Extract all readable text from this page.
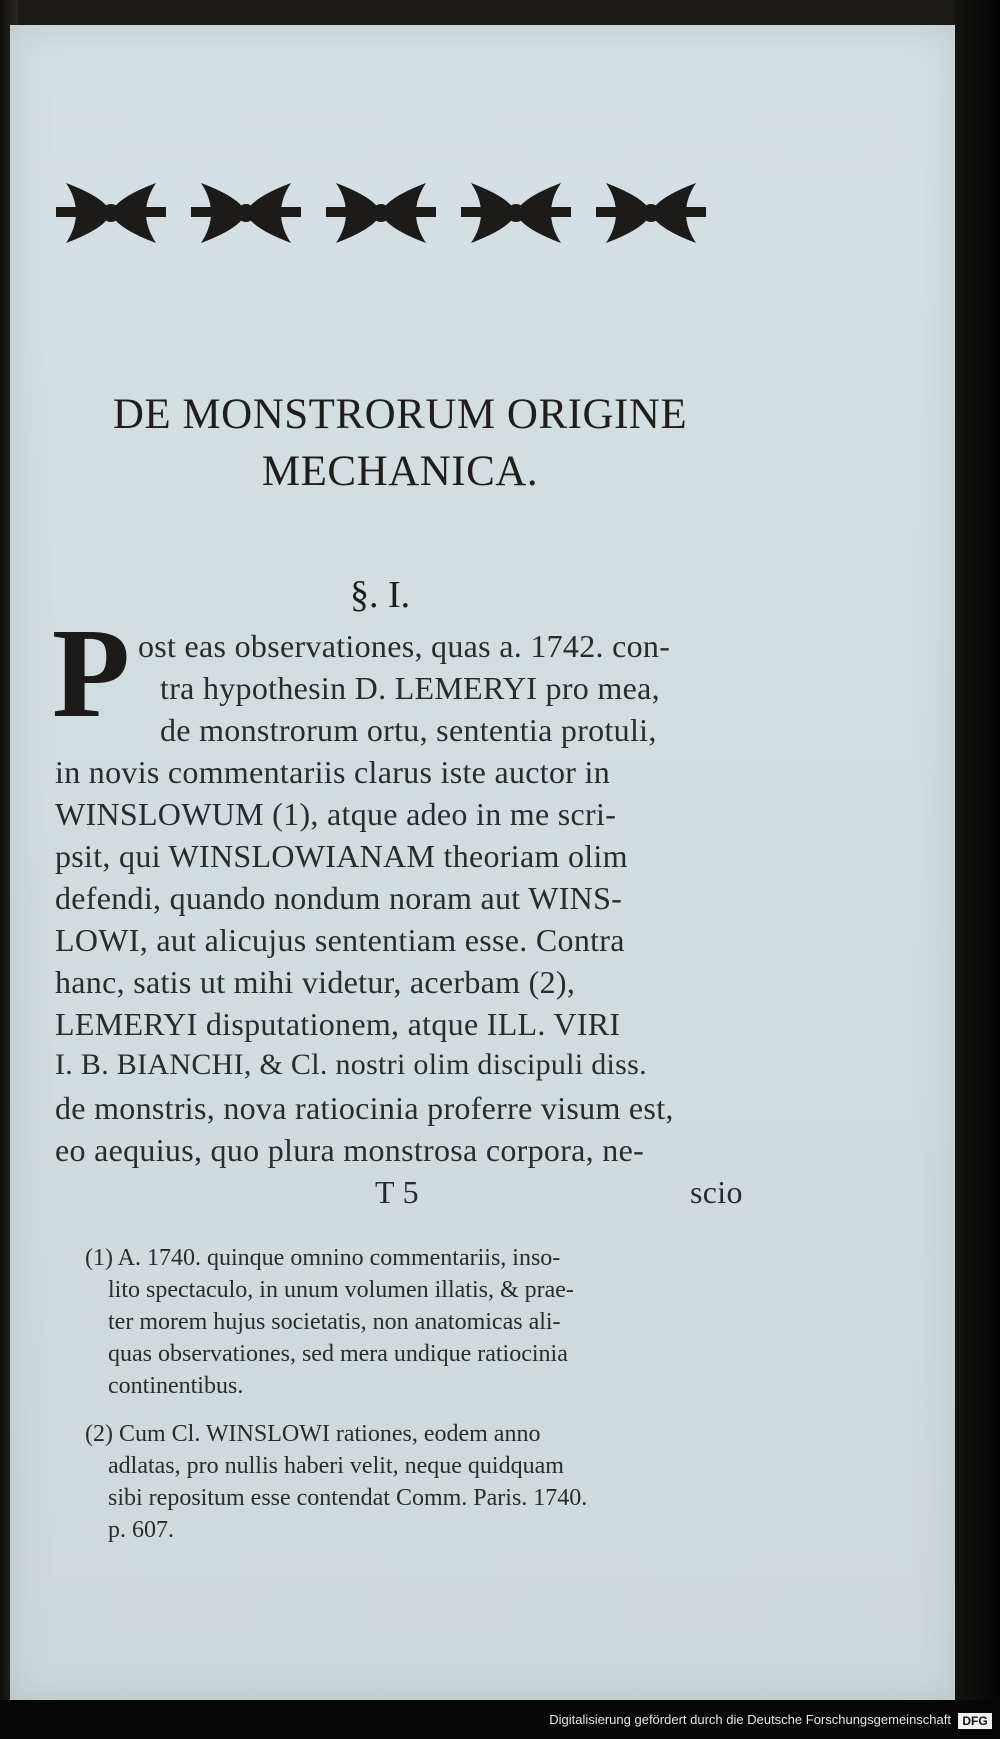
DE MONSTRORUM ORIGINE
MECHANICA.
§. I.
P ost eas observationes, quas a. 1742. con-
tra hypothesin D. LEMERYI pro mea,
de monstrorum ortu, sententia protuli,
in novis commentariis clarus iste auctor in
WINSLOWUM (1), atque adeo in me scri-
psit, qui WINSLOWIANAM theoriam olim
defendi, quando nondum noram aut WINS-
LOWI, aut alicujus sententiam esse. Contra
hanc, satis ut mihi videtur, acerbam (2),
LEMERYI disputationem, atque ILL. VIRI
I. B. BIANCHI, & Cl. nostri olim discipuli diss.
de monstris, nova ratiocinia proferre visum est,
eo aequius, quo plura monstrosa corpora, ne-
T 5	scio
(1) A. 1740. quinque omnino commentariis, inso-
lito spectaculo, in unum volumen illatis, & prae-
ter morem hujus societatis, non anatomicas ali-
quas observationes, sed mera undique ratiocinia
continentibus.
(2) Cum Cl. WINSLOWI rationes, eodem anno
adlatas, pro nullis haberi velit, neque quidquam
sibi repositum esse contendat Comm. Paris. 1740.
p. 607.
Digitalisierung gefördert durch die Deutsche Forschungsgemeinschaft DFG
